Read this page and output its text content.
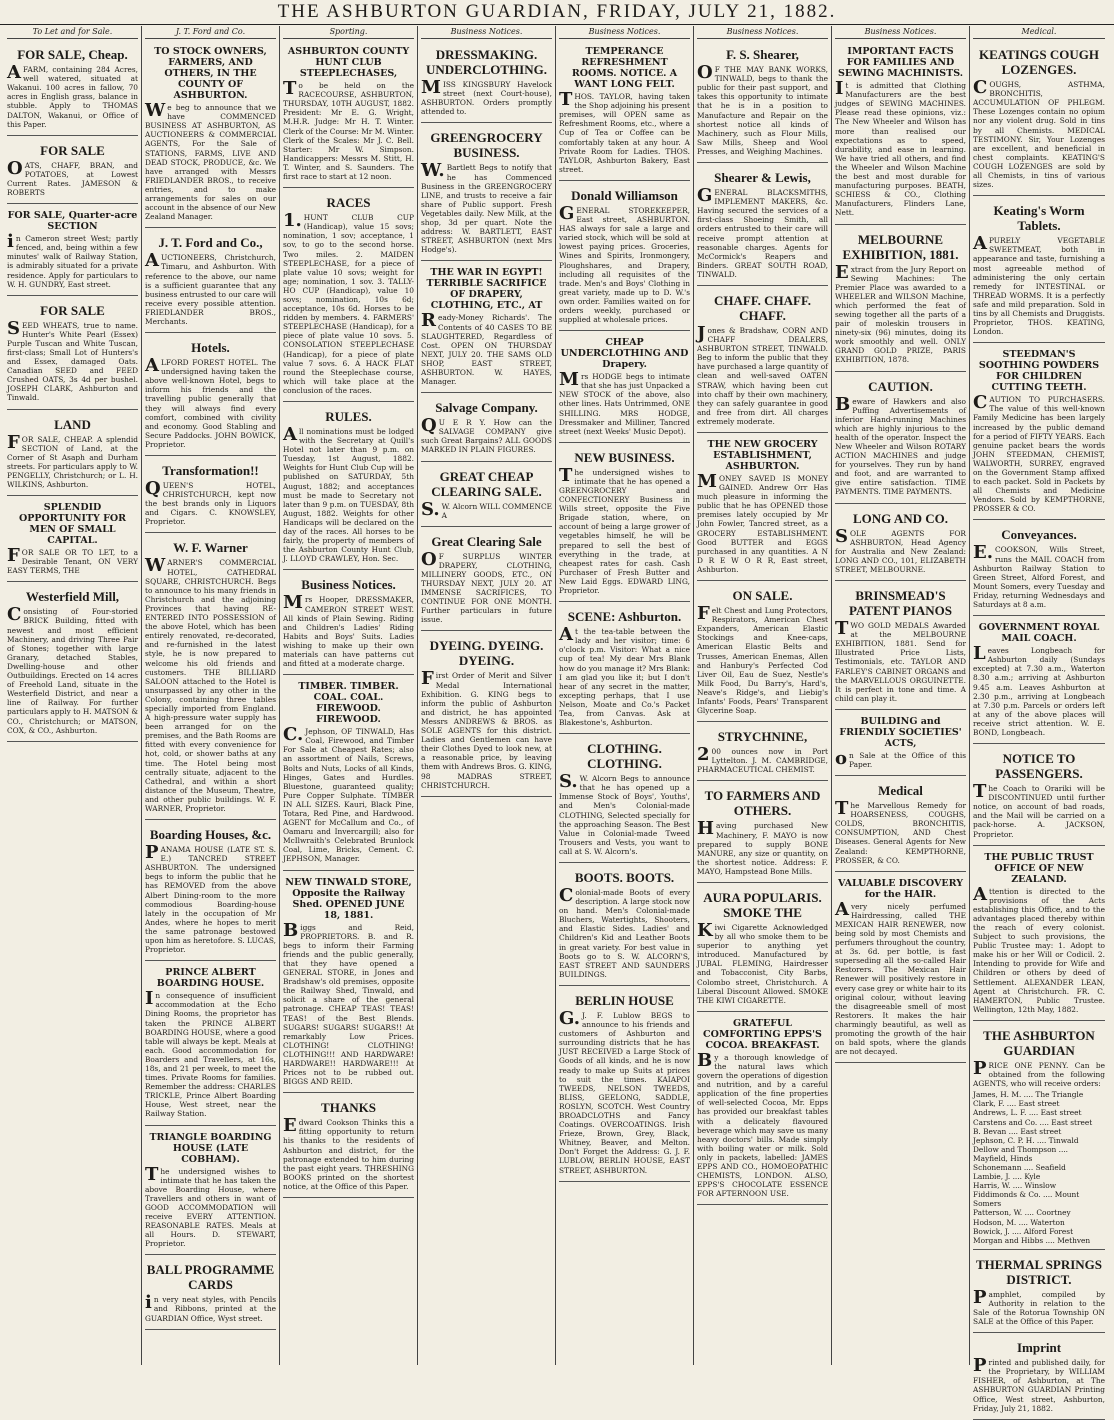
THE ASHBURTON GUARDIAN, FRIDAY, JULY 21, 1882.
To Let and for Sale.
FOR SALE, Cheap.

AFARM, containing 284 Acres, well watered, situated at Wakanui. 100 acres in fallow, 70 acres in English grass, balance in stubble. Apply to THOMAS DALTON, Wakanui, or Office of this Paper.

FOR SALE

OATS, CHAFF, BRAN, and POTATOES, at Lowest Current Rates. JAMESON & ROBERTS

FOR SALE, Quarter-acre SECTION

in Cameron street West; partly fenced, and, being within a few minutes' walk of Railway Station, is admirably situated for a private residence. Apply for particulars to W. H. GUNDRY, East street.

FOR SALE

SEED WHEATS, true to name. Hunter's White Pearl (Essex) Purple Tuscan and White Tuscan, first-class; Small Lot of Hunters's and Essex, damaged Oats. Canadian SEED and FEED Crushed OATS, 3s 4d per bushel. JOSEPH CLARK, Ashburton and Tinwald.

LAND

FOR SALE, CHEAP. A splendid SECTION of Land, at the Corner of St Asaph and Durham streets. For particulars apply to W. PENGELLY, Christchurch; or L. H. WILKINS, Ashburton.

SPLENDID OPPORTUNITY FOR MEN OF SMALL CAPITAL.

FOR SALE OR TO LET, to a Desirable Tenant, ON VERY EASY TERMS, THE

Westerfield Mill,

Consisting of Four-storied BRICK Building, fitted with newest and most efficient Machinery, and driving Three Pair of Stones; together with large Granary, detached Stables, Dwelling-house and other Outbuildings. Erected on 14 acres of Freehold Land, situate in the Westerfield District, and near a line of Railway. For further particulars apply to H. MATSON & CO., Christchurch; or MATSON, COX, & CO., Ashburton.

J. T. Ford and Co.
TO STOCK OWNERS, FARMERS, AND OTHERS, IN THE COUNTY OF ASHBURTON.

We beg to announce that we have COMMENCED BUSINESS AT ASHBURTON, AS AUCTIONEERS & COMMERCIAL AGENTS, For the Sale of STATIONS, FARMS, LIVE AND DEAD STOCK, PRODUCE, &c. We have arranged with Messrs FRIEDLANDER BROS., to receive entries, and to make arrangements for sales on our account in the absence of our New Zealand Manager.

J. T. Ford and Co.,

AUCTIONEERS, Christchurch, Timaru, and Ashburton. With reference to the above, our name is a sufficient guarantee that any business entrusted to our care will receive every possible attention. FRIEDLANDER BROS., Merchants.

Hotels.

ALFORD FOREST HOTEL. The undersigned having taken the above well-known Hotel, begs to inform his friends and the travelling public generally that they will always find every comfort, combined with civility and economy. Good Stabling and Secure Paddocks. JOHN BOWICK, Proprietor.

Transformation!!

QUEEN'S HOTEL, CHRISTCHURCH, kept now the best brands only in Liquors and Cigars. C. KNOWSLEY, Proprietor.

W. F. Warner

WARNER'S COMMERCIAL HOTEL, CATHEDRAL SQUARE, CHRISTCHURCH. Begs to announce to his many friends in Christchurch and the adjoining Provinces that having RE-ENTERED INTO POSSESSION of the above Hotel, which has been entirely renovated, re-decorated, and re-furnished in the latest style, he is now prepared to welcome his old friends and customers. THE BILLIARD SALOON attached to the Hotel is unsurpassed by any other in the Colony, containing three tables specially imported from England. A high-pressure water supply has been arranged for on the premises, and the Bath Rooms are fitted with every convenience for hot, cold, or shower baths at any time. The Hotel being most centrally situate, adjacent to the Cathedral, and within a short distance of the Museum, Theatre, and other public buildings. W. F. WARNER, Proprietor.

Boarding Houses, &c.

PANAMA HOUSE (LATE ST. S. E.) TANCRED STREET ASHBURTON. The undersigned begs to inform the public that he has REMOVED from the above Albert Dining-room to the more commodious Boarding-house lately in the occupation of Mr Andes, where he hopes to merit the same patronage bestowed upon him as heretofore. S. LUCAS, Proprietor.

PRINCE ALBERT BOARDING HOUSE.

In consequence of insufficient accommodation at the Echo Dining Rooms, the proprietor has taken the PRINCE ALBERT BOARDING HOUSE, where a good table will always be kept. Meals at each. Good accommodation for Boarders and Travellers, at 16s, 18s, and 21 per week, to meet the times. Private Rooms for families. Remember the address: CHARLES TRICKLE, Prince Albert Boarding House, West street, near the Railway Station.

TRIANGLE BOARDING HOUSE (LATE COBHAM).

The undersigned wishes to intimate that he has taken the above Boarding House, where Travellers and others in want of GOOD ACCOMMODATION will receive EVERY ATTENTION. REASONABLE RATES. Meals at all Hours. D. STEWART, Proprietor.

BALL PROGRAMME CARDS

in very neat styles, with Pencils and Ribbons, printed at the GUARDIAN Office, Wyst street.

Sporting.
ASHBURTON COUNTY HUNT CLUB STEEPLECHASES,

To be held on the RACECOURSE, ASHBURTON, THURSDAY, 10TH AUGUST, 1882. President: Mr E. G. Wright, M.H.R. Judge: Mr H. T. Winter. Clerk of the Course: Mr M. Winter. Clerk of the Scales: Mr J. C. Bell. Starter: Mr W. Simpson. Handicappers: Messrs M. Stitt, H. T. Winter, and S. Saunders. The first race to start at 12 noon.

RACES

1.HUNT CLUB CUP (Handicap), value 15 sovs; nomination, 1 sov; acceptance, 1 sov, to go to the second horse. Two miles. 2. MAIDEN STEEPLECHASE, for a piece of plate value 10 sovs; weight for age; nomination, 1 sov. 3. TALLY-HO CUP (Handicap), value 10 sovs; nomination, 10s 6d; acceptance, 10s 6d. Horses to be ridden by members. 4. FARMERS' STEEPLECHASE (Handicap), for a piece of plate value 10 sovs. 5. CONSOLATION STEEPLECHASE (Handicap), for a piece of plate value 7 sovs. 6. A HACK FLAT round the Steeplechase course, which will take place at the conclusion of the races.

RULES.

All nominations must be lodged with the Secretary at Quill's Hotel not later than 9 p.m. on Tuesday, 1st August, 1882. Weights for Hunt Club Cup will be published on SATURDAY, 5th August, 1882; and acceptances must be made to Secretary not later than 9 p.m. on TUESDAY, 8th August, 1882. Weights for other Handicaps will be declared on the day of the races. All horses to be fairly, the property of members of the Ashburton County Hunt Club, J. LLOYD CRAWLEY, Hon. Sec.

Business Notices.

Mrs Hooper, DRESSMAKER, CAMERON STREET WEST. All kinds of Plain Sewing. Riding and Children's Ladies' Riding Habits and Boys' Suits. Ladies wishing to make up their own materials can have patterns cut and fitted at a moderate charge.

TIMBER. TIMBER. COAL. COAL. FIREWOOD. FIREWOOD.

C.Jephson, OF TINWALD, Has Coal, Firewood, and Timber For Sale at Cheapest Rates; also an assortment of Nails, Screws, Bolts and Nuts, Locks of all Kinds, Hinges, Gates and Hurdles. Bluestone, guaranteed quality; Pure Copper Sulphate. TIMBER IN ALL SIZES. Kauri, Black Pine, Totara, Red Pine, and Hardwood. AGENT for McCallum and Co., of Oamaru and Invercargill; also for McIlwraith's Celebrated Brunlock Coal, Lime, Bricks, Cement. C. JEPHSON, Manager.

NEW TINWALD STORE, Opposite the Railway Shed. OPENED JUNE 18, 1881.

Biggs and Reid, PROPRIETORS. B. and R. begs to inform their Farming friends and the public generally, that they have opened a GENERAL STORE, in Jones and Bradshaw's old premises, opposite the Railway Shed, Tinwald, and solicit a share of the general patronage. CHEAP TEAS! TEAS! TEAS! of the Best Blends. SUGARS! SUGARS! SUGARS!! At remarkably Low Prices. CLOTHING! CLOTHING! CLOTHING!!! AND HARDWARE! HARDWARE!! HARDWARE!!! At Prices not to be rubbed out. BIGGS AND REID.

THANKS

Edward Cookson Thinks this a fitting opportunity to return his thanks to the residents of Ashburton and district, for the patronage extended to him during the past eight years. THRESHING BOOKS printed on the shortest notice, at the Office of this Paper.

Business Notices.
DRESSMAKING. UNDERCLOTHING.

MISS KINGSBURY Havelock street (next Court-house), ASHBURTON. Orders promptly attended to.

GREENGROCERY BUSINESS.

W.Bartlett Begs to notify that he has Commenced Business in the GREENGROCERY LINE, and trusts to receive a fair share of Public support. Fresh Vegetables daily. New Milk, at the shop, 3d per quart. Note the address: W. BARTLETT, EAST STREET, ASHBURTON (next Mrs Hodge's).

THE WAR IN EGYPT! TERRIBLE SACRIFICE OF DRAPERY, CLOTHING, ETC., AT

Ready-Money Richards'. The Contents of 40 CASES TO BE SLAUGHTERED, Regardless of Cost. OPEN ON THURSDAY NEXT, JULY 20. THE SAMS OLD SHOP, EAST STREET, ASHBURTON. W. HAYES, Manager.

Salvage Company.

QU E R Y. How can the SALVAGE COMPANY give such Great Bargains? ALL GOODS MARKED IN PLAIN FIGURES.

GREAT CHEAP CLEARING SALE.

S.W. Alcorn WILL COMMENCE A

Great Clearing Sale

OF SURPLUS WINTER DRAPERY, CLOTHING, MILLINERY GOODS, ETC., ON THURSDAY NEXT, JULY 20. AT IMMENSE SACRIFICES, TO CONTINUE FOR ONE MONTH. Further particulars in future issue.

DYEING. DYEING. DYEING.

First Order of Merit and Silver Medal International Exhibition. G. KING begs to inform the public of Ashburton and district, he has appointed Messrs ANDREWS & BROS. as SOLE AGENTS for this district. Ladies and Gentlemen can have their Clothes Dyed to look new, at a reasonable price, by leaving them with Andrews Bros. G. KING, 98 MADRAS STREET, CHRISTCHURCH.

Business Notices.
TEMPERANCE REFRESHMENT ROOMS. NOTICE. A WANT LONG FELT.

THOS. TAYLOR, having taken the Shop adjoining his present premises, will OPEN same as Refreshment Rooms, etc., where a Cup of Tea or Coffee can be comfortably taken at any hour. A Private Room for Ladies. THOS. TAYLOR, Ashburton Bakery, East street.

Donald Williamson

GENERAL STOREKEEPER, East street, ASHBURTON. HAS always for sale a large and varied stock, which will be sold at lowest paying prices. Groceries, Wines and Spirits, Ironmongery, Ploughshares, and Drapery, including all requisites of the trade. Men's and Boys' Clothing in great variety, made up to D. W.'s own order. Families waited on for orders weekly, purchased or supplied at wholesale prices.

CHEAP UNDERCLOTHING AND Drapery.

Mrs HODGE begs to intimate that she has just Unpacked a NEW STOCK of the above, also other lines. Hats Untrimmed, ONE SHILLING. MRS HODGE, Dressmaker and Milliner, Tancred street (next Weeks' Music Depot).

NEW BUSINESS.

The undersigned wishes to intimate that he has opened a GREENGROCERY and CONFECTIONERY Business in Wills street, opposite the Five Brigade station, where, on account of being a large grower of vegetables himself, he will be prepared to sell the best of everything in the trade, at cheapest rates for cash. Cash Purchaser of Fresh Butter and New Laid Eggs. EDWARD LING, Proprietor.

SCENE: Ashburton.

At the tea-table between the lady and her visitor; time: 6 o'clock p.m. Visitor: What a nice cup of tea! My dear Mrs Blank how do you manage it? Mrs Blank: I am glad you like it; but I don't hear of any secret in the matter, excepting perhaps, that I use Nelson, Moate and Co.'s Packet Tea, from Canvas. Ask at Blakestone's, Ashburton.

CLOTHING. CLOTHING.

S.W. Alcorn Begs to announce that he has opened up a Immense Stock of Boys', Youths', and Men's Colonial-made CLOTHING, Selected specially for the approaching Season. The Best Value in Colonial-made Tweed Trousers and Vests, you want to call at S. W. Alcorn's.

BOOTS. BOOTS.

Colonial-made Boots of every description. A large stock now on hand. Men's Colonial-made Bluchers, Watertights, Shooters, and Elastic Sides. Ladies' and Children's Kid and Leather Boots in great variety. For best value in Boots go to S. W. ALCORN'S, EAST STREET AND SAUNDERS BUILDINGS.

BERLIN HOUSE

G.J. F. Lublow BEGS to announce to his friends and customers of Ashburton and surrounding districts that he has JUST RECEIVED a Large Stock of Goods of all kinds, and he is now ready to make up Suits at prices to suit the times. KAIAPOI TWEEDS, NELSON TWEEDS, BLISS, GEELONG, SADDLE, ROSLYN, SCOTCH. West Country BROADCLOTHS and Fancy Coatings. OVERCOATINGS. Irish Frieze, Brown, Grey, Black, Whitney, Beaver, and Melton. Don't Forget the Address: G. J. F. LUBLOW, BERLIN HOUSE, EAST STREET, ASHBURTON.

Business Notices.
F. S. Shearer,

OF THE MAY BANK WORKS, TINWALD, begs to thank the public for their past support, and takes this opportunity to intimate that he is in a position to Manufacture and Repair on the shortest notice all kinds of Machinery, such as Flour Mills, Saw Mills, Sheep and Wool Presses, and Weighing Machines.

Shearer & Lewis,

GENERAL BLACKSMITHS, IMPLEMENT MAKERS, &c. Having secured the services of a first-class Shoeing Smith, all orders entrusted to their care will receive prompt attention at reasonable charges. Agents for McCormick's Reapers and Binders. GREAT SOUTH ROAD, TINWALD.

CHAFF. CHAFF. CHAFF.

Jones & Bradshaw, CORN AND CHAFF DEALERS, ASHBURTON STREET, TINWALD. Beg to inform the public that they have purchased a large quantity of clean and well-saved OATEN STRAW, which having been cut into chaff by their own machinery, they can safely guarantee in good and free from dirt. All charges extremely moderate.

THE NEW GROCERY ESTABLISHMENT, ASHBURTON.

MONEY SAVED IS MONEY GAINED. Andrew Orr Has much pleasure in informing the public that he has OPENED those premises lately occupied by Mr John Fowler, Tancred street, as a GROCERY ESTABLISHMENT. Good BUTTER and EGGS purchased in any quantities. A N D R E W O R R, East street, Ashburton.

ON SALE.

Felt Chest and Lung Protectors, Respirators, American Chest Expanders, American Elastic Stockings and Knee-caps, American Elastic Belts and Trusses, American Enemas, Allen and Hanbury's Perfected Cod Liver Oil, Eau de Suez, Nestle's Milk Food, Du Barry's, Hard's, Neave's Ridge's, and Liebig's Infants' Foods, Pears' Transparent Glycerine Soap.

STRYCHNINE,

200 ounces now in Port Lyttelton. J. M. CAMBRIDGE, PHARMACEUTICAL CHEMIST.

TO FARMERS AND OTHERS.

Having purchased New Machinery, F. MAYO is now prepared to supply BONE MANURE, any size or quantity, on the shortest notice. Address: F. MAYO, Hampstead Bone Mills.

AURA POPULARIS. SMOKE THE

Kiwi Cigarette Acknowledged by all who smoke them to be superior to anything yet introduced. Manufactured by JUBAL FLEMING, Hairdresser and Tobacconist, City Barbs, Colombo street, Christchurch. A Liberal Discount Allowed. SMOKE THE KIWI CIGARETTE.

GRATEFUL COMFORTING EPPS'S COCOA. BREAKFAST.

By a thorough knowledge of the natural laws which govern the operations of digestion and nutrition, and by a careful application of the fine properties of well-selected Cocoa, Mr. Epps has provided our breakfast tables with a delicately flavoured beverage which may save us many heavy doctors' bills. Made simply with boiling water or milk. Sold only in packets, labelled: JAMES EPPS AND CO., HOMOEOPATHIC CHEMISTS, LONDON. ALSO, EPPS'S CHOCOLATE ESSENCE FOR AFTERNOON USE.

Business Notices.
IMPORTANT FACTS FOR FAMILIES AND SEWING MACHINISTS.

It is admitted that Clothing Manufacturers are the best judges of SEWING MACHINES. Please read these opinions, viz.: The New Wheeler and Wilson has more than realised our expectations as to speed, durability, and ease in learning. We have tried all others, and find the Wheeler and Wilson Machine the best and most durable for manufacturing purposes. BEATH, SCHIESS & CO., Clothing Manufacturers, Flinders Lane, Nett.

MELBOURNE EXHIBITION, 1881.

Extract from the Jury Report on Sewing Machines: The Premier Place was awarded to a WHEELER and WILSON Machine, which performed the feat of sewing together all the parts of a pair of moleskin trousers in ninety-six (96) minutes, doing its work smoothly and well. ONLY GRAND GOLD PRIZE, PARIS EXHIBITION, 1878.

CAUTION.

Beware of Hawkers and also Puffing Advertisements of inferior Hand-running Machines which are highly injurious to the health of the operator. Inspect the New Wheeler and Wilson ROTARY ACTION MACHINES and judge for yourselves. They run by hand and foot, and are warranted to give entire satisfaction. TIME PAYMENTS. TIME PAYMENTS.

LONG AND CO.

SOLE AGENTS FOR ASHBURTON, Head Agency for Australia and New Zealand: LONG AND CO., 101, ELIZABETH STREET, MELBOURNE.

BRINSMEAD'S PATENT PIANOS

TWO GOLD MEDALS Awarded at the MELBOURNE EXHIBITION, 1881. Send for Illustrated Price Lists, Testimonials, etc. TAYLOR AND FARLEY'S CABINET ORGANS and the MARVELLOUS ORGUINETTE. It is perfect in tone and time. A child can play it.

BUILDING and FRIENDLY SOCIETIES' ACTS,

on Sale at the Office of this Paper.

Medical

The Marvellous Remedy for HOARSENESS, COUGHS, COLDS, BRONCHITIS, CONSUMPTION, AND Chest Diseases. General Agents for New Zealand: KEMPTHORNE, PROSSER, & CO.

VALUABLE DISCOVERY for the HAIR.

Avery nicely perfumed Hairdressing, called THE MEXICAN HAIR RENEWER, now being sold by most Chemists and perfumers throughout the country, at 3s. 6d. per bottle, is fast superseding all the so-called Hair Restorers. The Mexican Hair Renewer will positively restore in every case grey or white hair to its original colour, without leaving the disagreeable smell of most Restorers. It makes the hair charmingly beautiful, as well as promoting the growth of the hair on bald spots, where the glands are not decayed.

Medical.
KEATINGS COUGH LOZENGES.

COUGHS, ASTHMA, BRONCHITIS, ACCUMULATION OF PHLEGM. These Lozenges contain no opium nor any violent drug. Sold in tins by all Chemists. MEDICAL TESTIMONY. Sir, Your Lozenges are excellent, and beneficial in chest complaints. KEATING'S COUGH LOZENGES are sold by all Chemists, in tins of various sizes.

Keating's Worm Tablets.

APURELY VEGETABLE SWEETMEAT, both in appearance and taste, furnishing a most agreeable method of administering the only certain remedy for INTESTINAL or THREAD WORMS. It is a perfectly safe and mild preparation. Sold in tins by all Chemists and Druggists. Proprietor, THOS. KEATING, London.

STEEDMAN'S SOOTHING POWDERS FOR CHILDREN CUTTING TEETH.

CAUTION TO PURCHASERS. The value of this well-known Family Medicine has been largely increased by the public demand for a period of FIFTY YEARS. Each genuine packet bears the words JOHN STEEDMAN, CHEMIST, WALWORTH, SURREY, engraved on the Government Stamp affixed to each packet. Sold in Packets by all Chemists and Medicine Vendors. Sold by KEMPTHORNE, PROSSER & CO.

Conveyances.

E.COOKSON, Wills Street, runs the MAIL COACH from Ashburton Railway Station to Green Street, Alford Forest, and Mount Somers, every Tuesday and Friday, returning Wednesdays and Saturdays at 8 a.m.

GOVERNMENT ROYAL MAIL COACH.

Leaves Longbeach for Ashburton daily (Sundays excepted) at 7.30 a.m., Waterton 8.30 a.m.; arriving at Ashburton 9.45 a.m. Leaves Ashburton at 2.30 p.m., arriving at Longbeach at 7.30 p.m. Parcels or orders left at any of the above places will receive strict attention. W. E. BOND, Longbeach.

NOTICE TO PASSENGERS.

The Coach to Orariki will be DISCONTINUED until further notice, on account of bad roads, and the Mail will be carried on a pack-horse. A. JACKSON, Proprietor.

THE PUBLIC TRUST OFFICE OF NEW ZEALAND.

Attention is directed to the provisions of the Acts establishing this Office, and to the advantages placed thereby within the reach of every colonist. Subject to such provisions, the Public Trustee may: 1. Adopt to make his or her Will or Codicil. 2. Intending to provide for Wife and Children or others by deed of Settlement. ALEXANDER LEAN, Agent at Christchurch. FR. C. HAMERTON, Public Trustee. Wellington, 12th May, 1882.

THE ASHBURTON GUARDIAN

PRICE ONE PENNY. Can be obtained from the following AGENTS, who will receive orders:

James, H. M. .... The Triangle
Clark, F. .... East street
Andrews, L. F. .... East street
Carstens and Co. .... East street
B. Bevan .... East street
Jephson, C. P. H. .... Tinwald
Dellow and Thompson .... Mayfield, Hinds
Schonemann .... Seafield
Lambie, J. .... Kyle
Harris, W. .... Winslow
Fiddimonds & Co. .... Mount Somers
Patterson, W. .... Coortney
Hodson, M. .... Waterton
Bowick, J. .... Alford Forest
Morgan and Hibbs .... Methven
THERMAL SPRINGS DISTRICT.

Pamphlet, compiled by Authority in relation to the Sale of the Rotorua Township ON SALE at the Office of this Paper.

Imprint

Printed and published daily, for the Proprietary, by WILLIAM FISHER, of Ashburton, at The ASHBURTON GUARDIAN Printing Office, West street, Ashburton, Friday, July 21, 1882.
